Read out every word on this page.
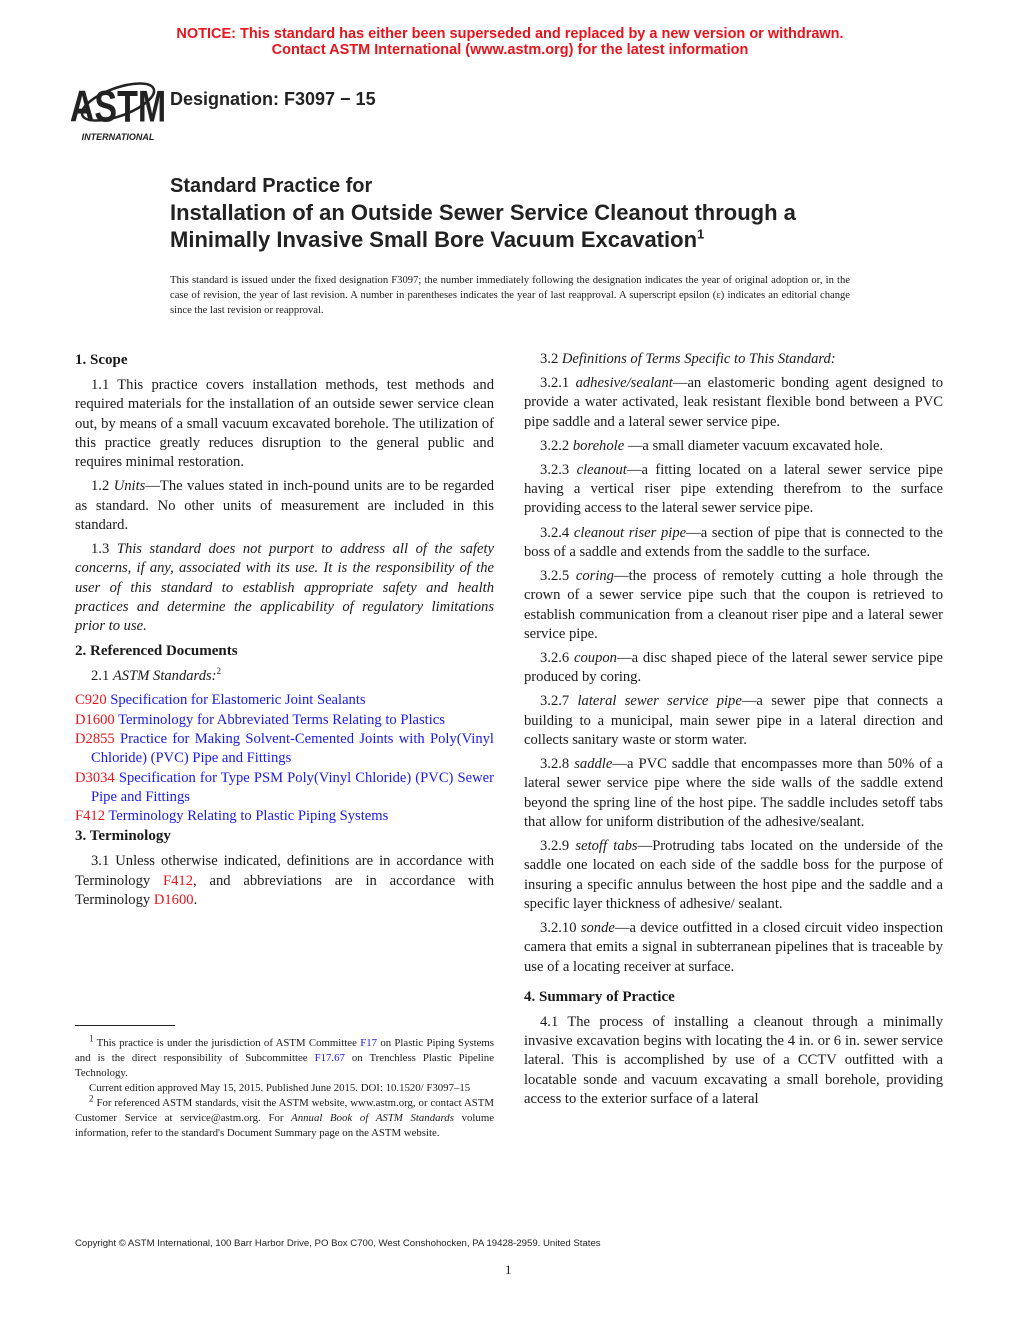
NOTICE: This standard has either been superseded and replaced by a new version or withdrawn.
Contact ASTM International (www.astm.org) for the latest information
ASTM
INTERNATIONAL
Designation: F3097 − 15
Standard Practice for
Installation of an Outside Sewer Service Cleanout through a
Minimally Invasive Small Bore Vacuum Excavation$^1$
This standard is issued under the fixed designation F3097; the number immediately following the designation indicates the year of original adoption or, in the case of revision, the year of last revision. A number in parentheses indicates the year of last reapproval. A superscript epsilon (ε) indicates an editorial change since the last revision or reapproval.
1. Scope

1.1 This practice covers installation methods, test methods and required materials for the installation of an outside sewer service clean out, by means of a small vacuum excavated borehole. The utilization of this practice greatly reduces disruption to the general public and requires minimal restoration.

1.2 Units—The values stated in inch-pound units are to be regarded as standard. No other units of measurement are included in this standard.

1.3 This standard does not purport to address all of the safety concerns, if any, associated with its use. It is the responsibility of the user of this standard to establish appropriate safety and health practices and determine the applicability of regulatory limitations prior to use.

2. Referenced Documents

2.1 ASTM Standards:$^2$

C920 Specification for Elastomeric Joint Sealants

D1600 Terminology for Abbreviated Terms Relating to Plastics

D2855 Practice for Making Solvent-Cemented Joints with Poly(Vinyl Chloride) (PVC) Pipe and Fittings

D3034 Specification for Type PSM Poly(Vinyl Chloride) (PVC) Sewer Pipe and Fittings

F412 Terminology Relating to Plastic Piping Systems

3. Terminology

3.1 Unless otherwise indicated, definitions are in accordance with Terminology F412, and abbreviations are in accordance with Terminology D1600.

3.2 Definitions of Terms Specific to This Standard:

3.2.1 adhesive/sealant—an elastomeric bonding agent designed to provide a water activated, leak resistant flexible bond between a PVC pipe saddle and a lateral sewer service pipe.

3.2.2 borehole —a small diameter vacuum excavated hole.

3.2.3 cleanout—a fitting located on a lateral sewer service pipe having a vertical riser pipe extending therefrom to the surface providing access to the lateral sewer service pipe.

3.2.4 cleanout riser pipe—a section of pipe that is connected to the boss of a saddle and extends from the saddle to the surface.

3.2.5 coring—the process of remotely cutting a hole through the crown of a sewer service pipe such that the coupon is retrieved to establish communication from a cleanout riser pipe and a lateral sewer service pipe.

3.2.6 coupon—a disc shaped piece of the lateral sewer service pipe produced by coring.

3.2.7 lateral sewer service pipe—a sewer pipe that connects a building to a municipal, main sewer pipe in a lateral direction and collects sanitary waste or storm water.

3.2.8 saddle—a PVC saddle that encompasses more than 50% of a lateral sewer service pipe where the side walls of the saddle extend beyond the spring line of the host pipe. The saddle includes setoff tabs that allow for uniform distribution of the adhesive/sealant.

3.2.9 setoff tabs—Protruding tabs located on the underside of the saddle one located on each side of the saddle boss for the purpose of insuring a specific annulus between the host pipe and the saddle and a specific layer thickness of adhesive/ sealant.

3.2.10 sonde—a device outfitted in a closed circuit video inspection camera that emits a signal in subterranean pipelines that is traceable by use of a locating receiver at surface.

4. Summary of Practice

4.1 The process of installing a cleanout through a minimally invasive excavation begins with locating the 4 in. or 6 in. sewer service lateral. This is accomplished by use of a CCTV outfitted with a locatable sonde and vacuum excavating a small borehole, providing access to the exterior surface of a lateral

$^1$ This practice is under the jurisdiction of ASTM Committee F17 on Plastic Piping Systems and is the direct responsibility of Subcommittee F17.67 on Trenchless Plastic Pipeline Technology.

Current edition approved May 15, 2015. Published June 2015. DOI: 10.1520/ F3097–15

$^2$ For referenced ASTM standards, visit the ASTM website, www.astm.org, or contact ASTM Customer Service at service@astm.org. For Annual Book of ASTM Standards volume information, refer to the standard's Document Summary page on the ASTM website.

Copyright © ASTM International, 100 Barr Harbor Drive, PO Box C700, West Conshohocken, PA 19428-2959. United States
1
